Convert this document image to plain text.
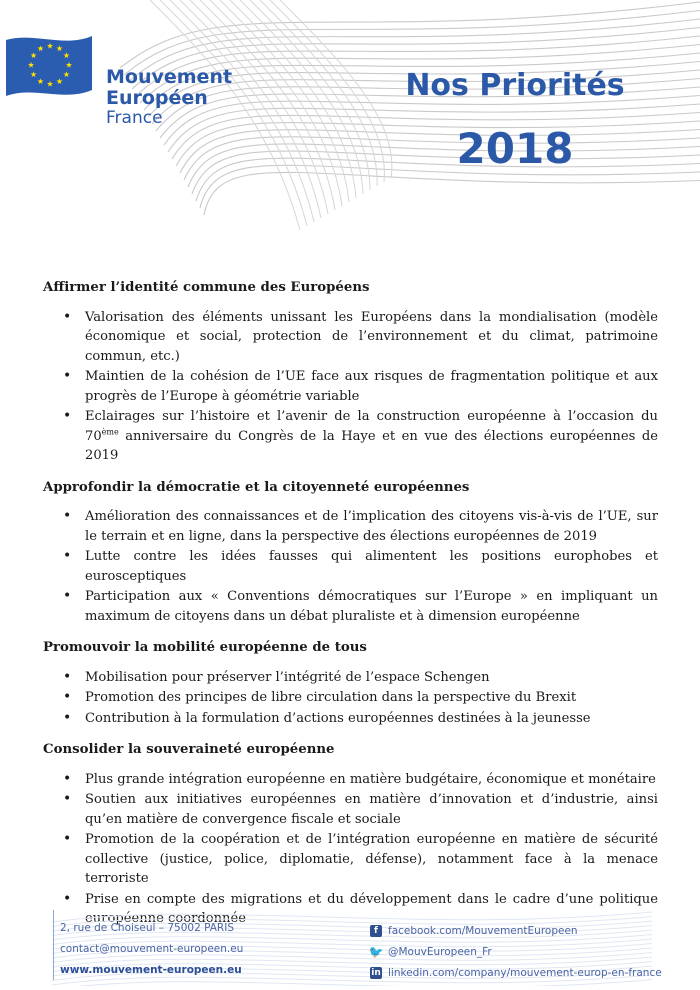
Mouvement
Européen
France
Nos Priorités
2018
Affirmer l’identité commune des Européens
• Valorisation des éléments unissant les Européens dans la mondialisation (modèle économique et social, protection de l’environnement et du climat, patrimoine commun, etc.)
• Maintien de la cohésion de l’UE face aux risques de fragmentation politique et aux progrès de l’Europe à géométrie variable
• Eclairages sur l’histoire et l’avenir de la construction européenne à l’occasion du 70ème anniversaire du Congrès de la Haye et en vue des élections européennes de 2019
Approfondir la démocratie et la citoyenneté européennes
• Amélioration des connaissances et de l’implication des citoyens vis-à-vis de l’UE, sur le terrain et en ligne, dans la perspective des élections européennes de 2019
• Lutte contre les idées fausses qui alimentent les positions europhobes et eurosceptiques
• Participation aux « Conventions démocratiques sur l’Europe » en impliquant un maximum de citoyens dans un débat pluraliste et à dimension européenne
Promouvoir la mobilité européenne de tous
• Mobilisation pour préserver l’intégrité de l’espace Schengen
• Promotion des principes de libre circulation dans la perspective du Brexit
• Contribution à la formulation d’actions européennes destinées à la jeunesse
Consolider la souveraineté européenne
• Plus grande intégration européenne en matière budgétaire, économique et monétaire
• Soutien aux initiatives européennes en matière d’innovation et d’industrie, ainsi qu’en matière de convergence fiscale et sociale
• Promotion de la coopération et de l’intégration européenne en matière de sécurité collective (justice, police, diplomatie, défense), notamment face à la menace terroriste
• Prise en compte des migrations et du développement dans le cadre d’une politique européenne coordonnée
2, rue de Choiseul – 75002 PARIS
contact@mouvement-europeen.eu
www.mouvement-europeen.eu
f facebook.com/MouvementEuropeen
🐦 @MouvEuropeen_Fr
in linkedin.com/company/mouvement-europ-en-france
